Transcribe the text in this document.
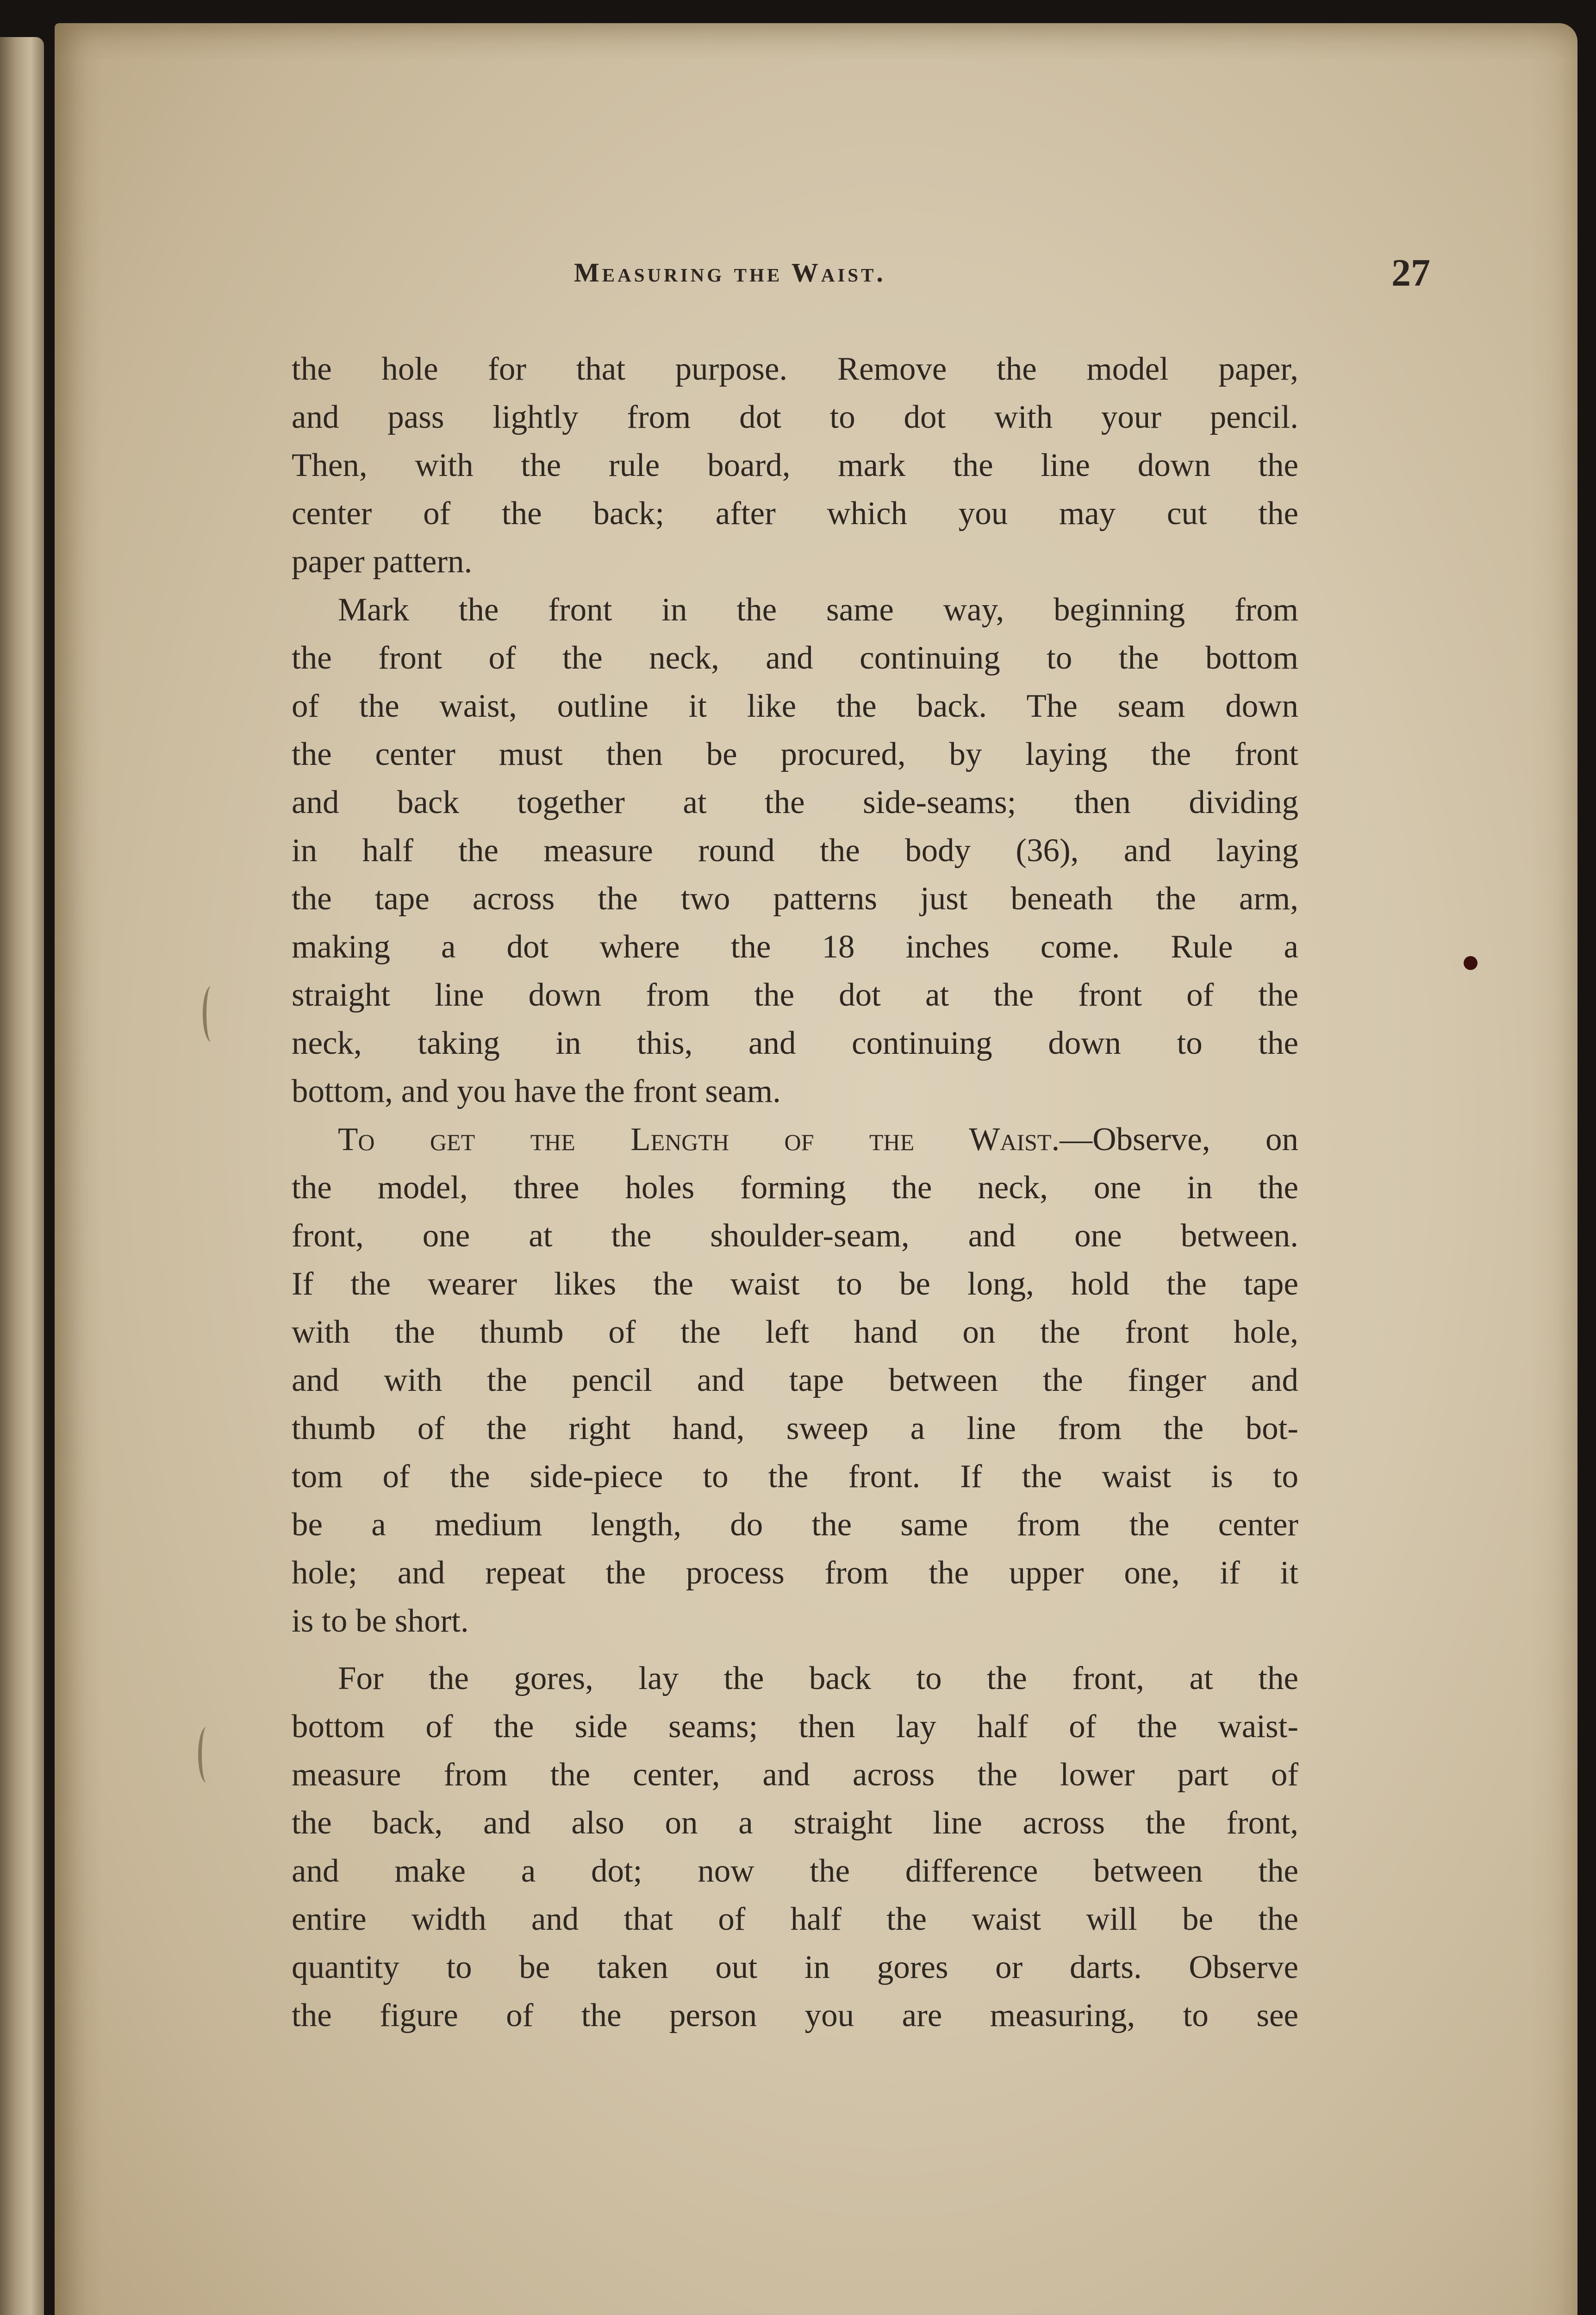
Measuring the Waist.	27
the hole for that purpose. Remove the model paper,
and pass lightly from dot to dot with your pencil.
Then, with the rule board, mark the line down the
center of the back; after which you may cut the
paper pattern.
Mark the front in the same way, beginning from
the front of the neck, and continuing to the bottom
of the waist, outline it like the back. The seam down
the center must then be procured, by laying the front
and back together at the side-seams; then dividing
in half the measure round the body (36), and laying
the tape across the two patterns just beneath the arm,
making a dot where the 18 inches come. Rule a
straight line down from the dot at the front of the
neck, taking in this, and continuing down to the
bottom, and you have the front seam.
To get the Length of the Waist.—Observe, on
the model, three holes forming the neck, one in the
front, one at the shoulder-seam, and one between.
If the wearer likes the waist to be long, hold the tape
with the thumb of the left hand on the front hole,
and with the pencil and tape between the finger and
thumb of the right hand, sweep a line from the bot-
tom of the side-piece to the front. If the waist is to
be a medium length, do the same from the center
hole; and repeat the process from the upper one, if it
is to be short.
For the gores, lay the back to the front, at the
bottom of the side seams; then lay half of the waist-
measure from the center, and across the lower part of
the back, and also on a straight line across the front,
and make a dot; now the difference between the
entire width and that of half the waist will be the
quantity to be taken out in gores or darts. Observe
the figure of the person you are measuring, to see
